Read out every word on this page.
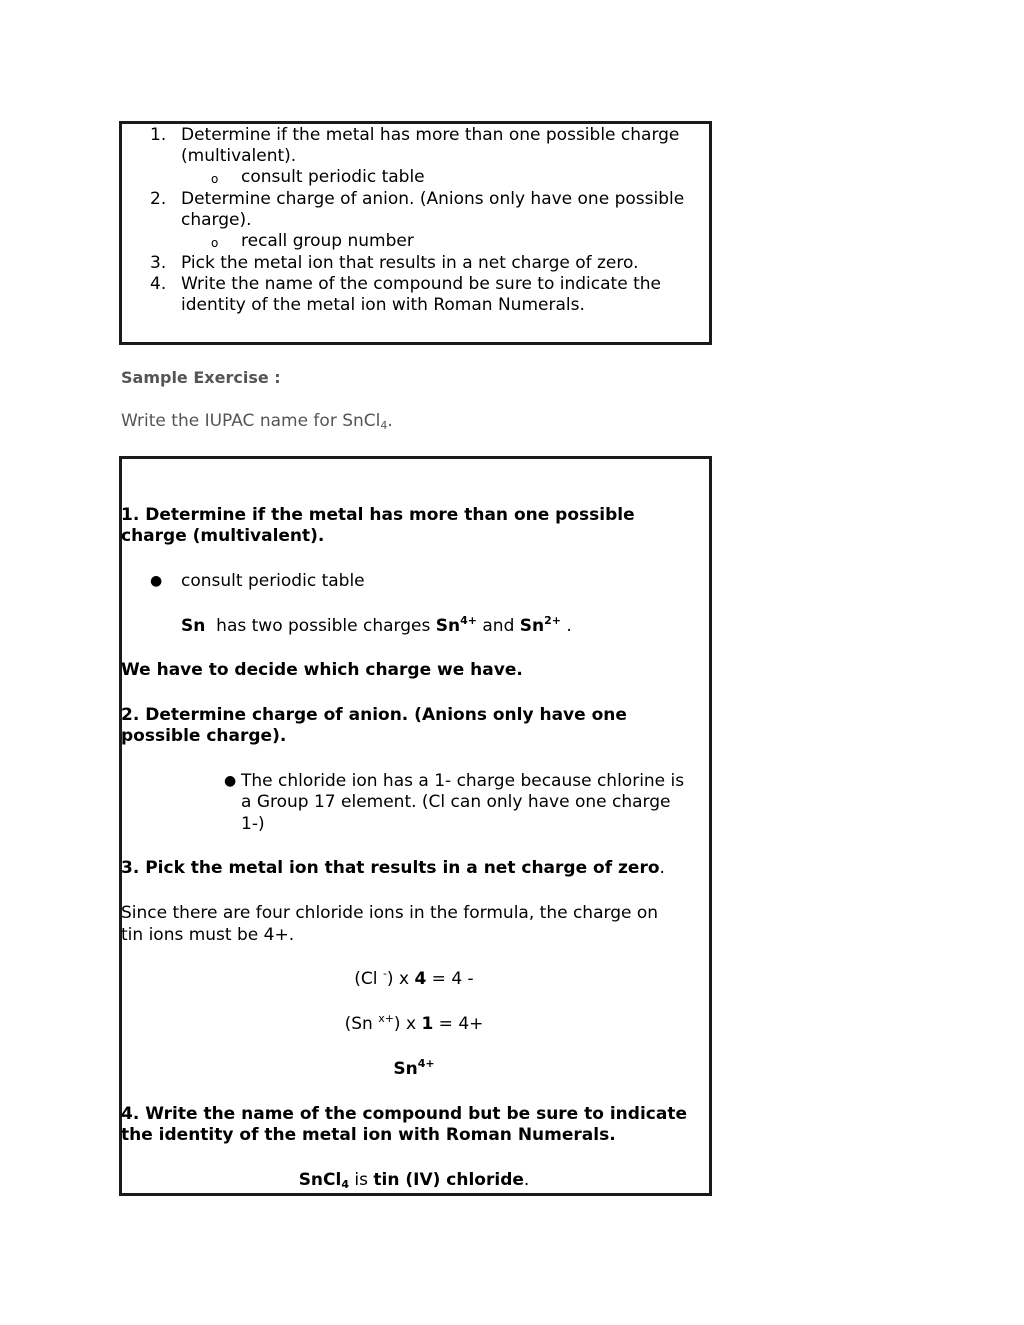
1. Determine if the metal has more than one possible charge
(multivalent).
o consult periodic table
2. Determine charge of anion. (Anions only have one possible
charge).
o recall group number
3. Pick the metal ion that results in a net charge of zero.
4. Write the name of the compound be sure to indicate the
identity of the metal ion with Roman Numerals.
Sample Exercise :
Write the IUPAC name for SnCl$_4$.
1. Determine if the metal has more than one possible
charge (multivalent).
● consult periodic table
Sn  has two possible charges $Sn^{4+}$ and $Sn^{2+}$ .
We have to decide which charge we have.
2. Determine charge of anion. (Anions only have one
possible charge).
● The chloride ion has a 1- charge because chlorine is
a Group 17 element. (Cl can only have one charge
1-)
3. Pick the metal ion that results in a net charge of zero.
Since there are four chloride ions in the formula, the charge on
tin ions must be 4+.
(Cl -) x 4 = 4 -
(Sn $^{x+}$) x 1 = 4+
$Sn^{4+}$
4. Write the name of the compound but be sure to indicate
the identity of the metal ion with Roman Numerals.
SnCl$_4$ is tin (IV) chloride.
